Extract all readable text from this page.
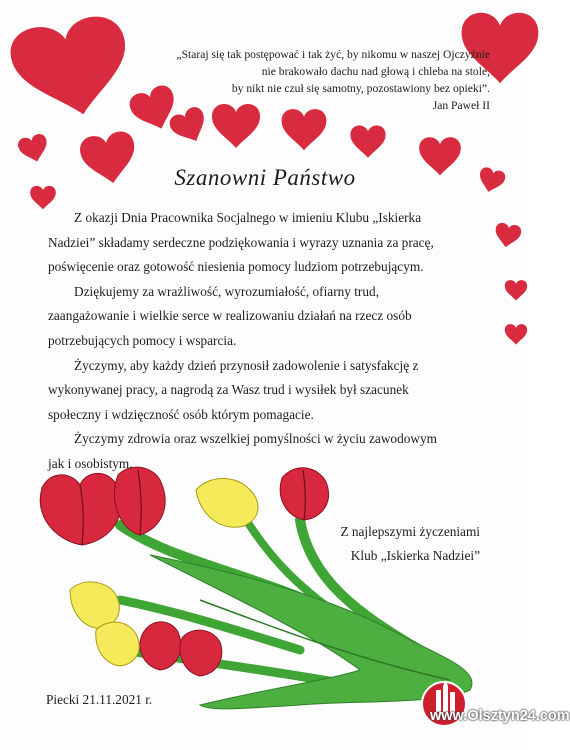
„Staraj się tak postępować i tak żyć, by nikomu w naszej Ojczyźnie
nie brakowało dachu nad głową i chleba na stole,
by nikt nie czuł się samotny, pozostawiony bez opieki”.
Jan Paweł II
Szanowni Państwo
Z okazji Dnia Pracownika Socjalnego w imieniu Klubu „Iskierka
Nadziei” składamy serdeczne podziękowania i wyrazy uznania za pracę,
poświęcenie oraz gotowość niesienia pomocy ludziom potrzebującym.
Dziękujemy za wrażliwość, wyrozumiałość, ofiarny trud,
zaangażowanie i wielkie serce w realizowaniu działań na rzecz osób
potrzebujących pomocy i wsparcia.
Życzymy, aby każdy dzień przynosił zadowolenie i satysfakcję z
wykonywanej pracy, a nagrodą za Wasz trud i wysiłek był szacunek
społeczny i wdzięczność osób którym pomagacie.
Życzymy zdrowia oraz wszelkiej pomyślności w życiu zawodowym
jak i osobistym.
Z najlepszymi życzeniami
Klub „Iskierka Nadziei”
Piecki 21.11.2021 r.
www.Olsztyn24.com
